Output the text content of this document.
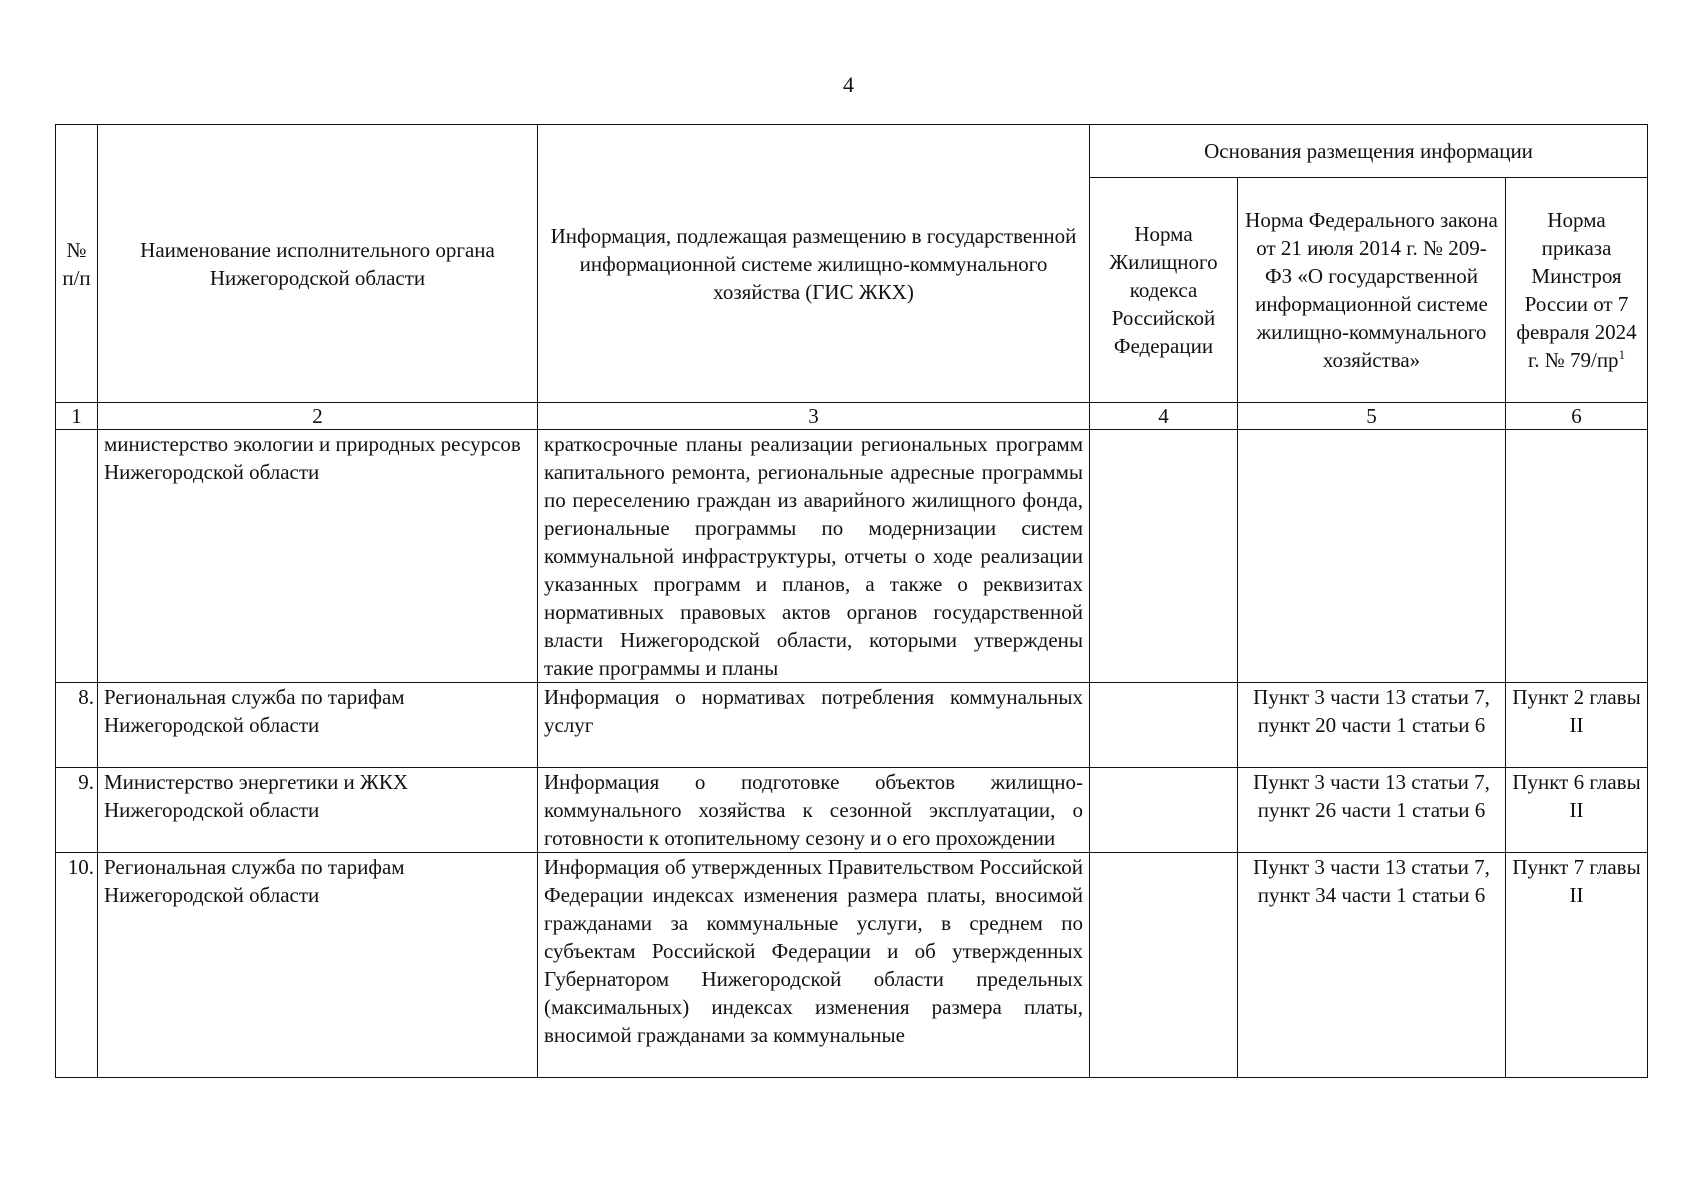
4
№ п/п	Наименование исполнительного органа Нижегородской области	Информация, подлежащая размещению в государственной информационной системе жилищно-коммунального хозяйства (ГИС ЖКХ)	Основания размещения информации		
			Норма Жилищного кодекса Российской Федерации	Норма Федерального закона от 21 июля 2014 г. № 209-ФЗ «О государственной информационной системе жилищно-коммунального хозяйства»	Норма приказа Минстроя России от 7 февраля 2024 г. № $79/пр^1$
1	2	3	4	5	6
	министерство экологии и природных ресурсов Нижегородской области	краткосрочные планы реализации региональных программ капитального ремонта, региональные адресные программы по переселению граждан из аварийного жилищного фонда, региональные программы по модернизации систем коммунальной инфраструктуры, отчеты о ходе реализации указанных программ и планов, а также о реквизитах нормативных правовых актов органов государственной власти Нижегородской области, которыми утверждены такие программы и планы			
8.	Региональная служба по тарифам Нижегородской области	Информация о нормативах потребления коммунальных услуг		Пункт 3 части 13 статьи 7, пункт 20 части 1 статьи 6	Пункт 2 главы II
9.	Министерство энергетики и ЖКХ Нижегородской области	Информация о подготовке объектов жилищно-коммунального хозяйства к сезонной эксплуатации, о готовности к отопительному сезону и о его прохождении		Пункт 3 части 13 статьи 7, пункт 26 части 1 статьи 6	Пункт 6 главы II
10.	Региональная служба по тарифам Нижегородской области	Информация об утвержденных Правительством Российской Федерации индексах изменения размера платы, вносимой гражданами за коммунальные услуги, в среднем по субъектам Российской Федерации и об утвержденных Губернатором Нижегородской области предельных (максимальных) индексах изменения размера платы, вносимой гражданами за коммунальные		Пункт 3 части 13 статьи 7, пункт 34 части 1 статьи 6	Пункт 7 главы II
